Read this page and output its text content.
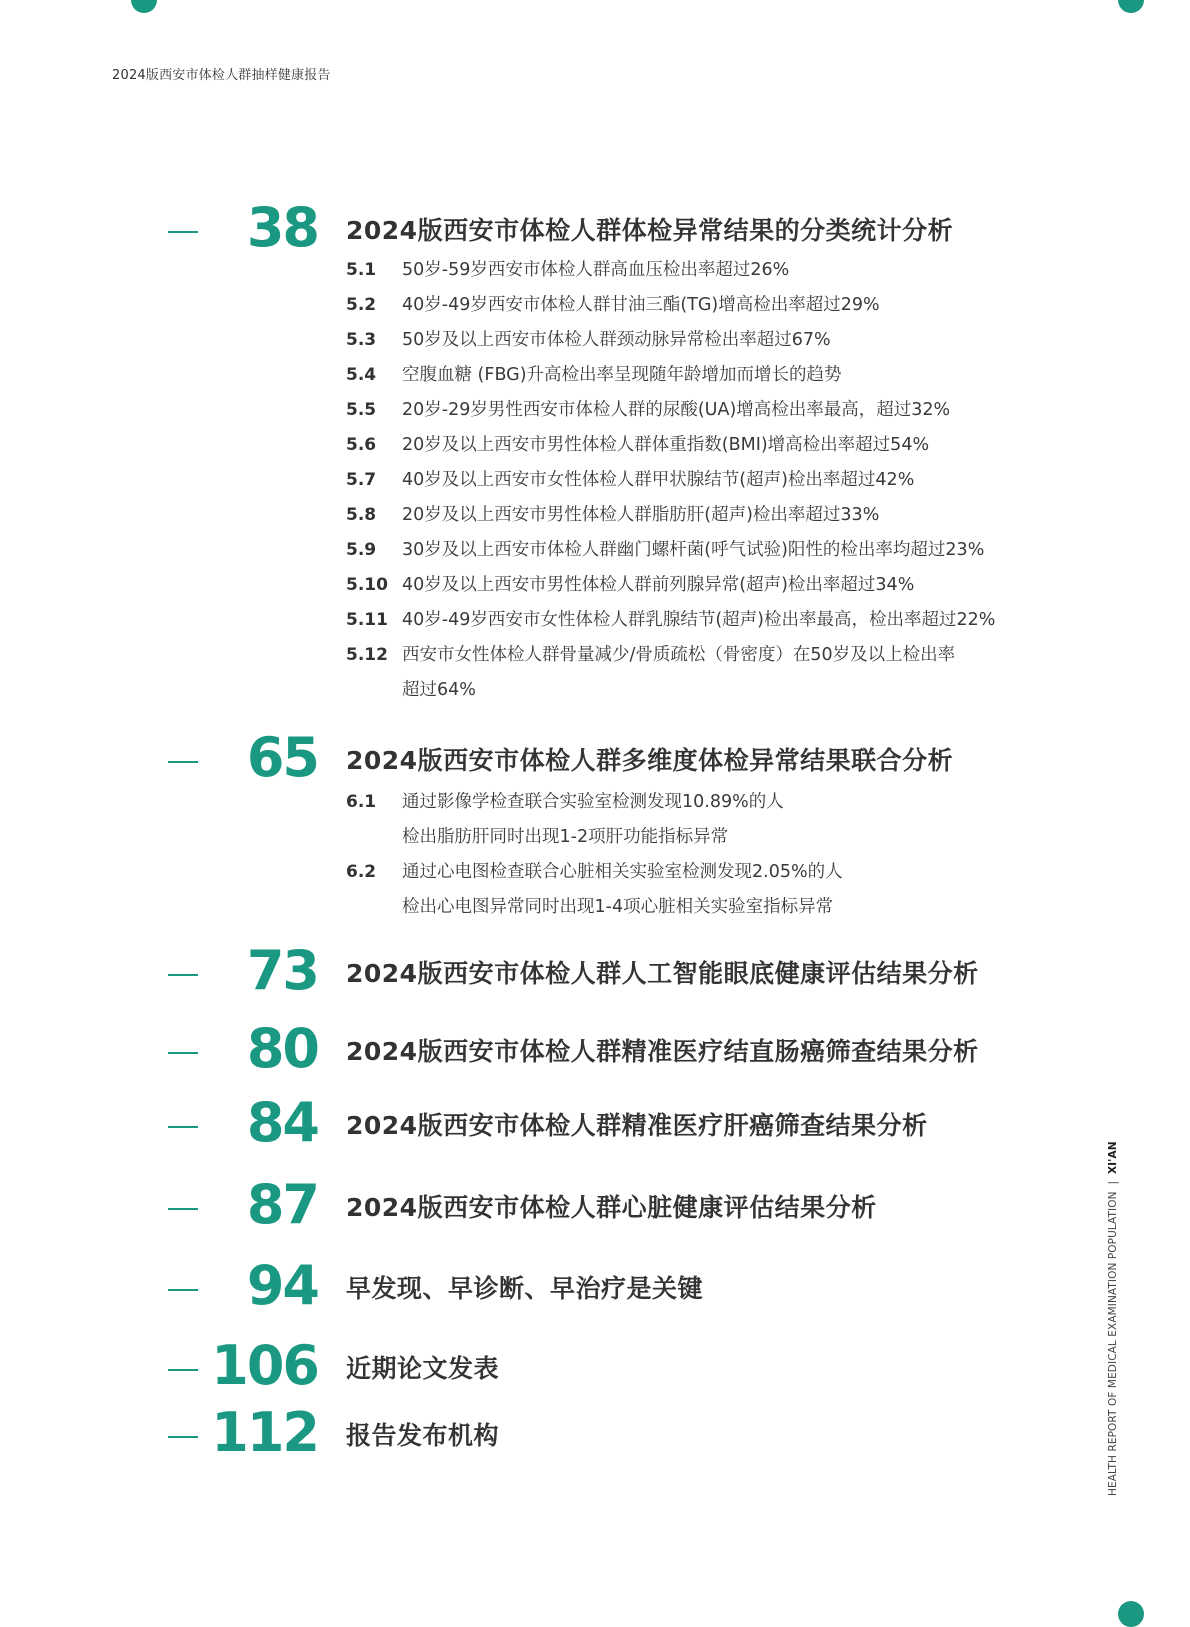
2024版西安市体检人群抽样健康报告
38 2024版西安市体检人群体检异常结果的分类统计分析
5.1 50岁-59岁西安市体检人群高血压检出率超过26%
5.2 40岁-49岁西安市体检人群甘油三酯(TG)增高检出率超过29%
5.3 50岁及以上西安市体检人群颈动脉异常检出率超过67%
5.4 空腹血糖 (FBG)升高检出率呈现随年龄增加而增长的趋势
5.5 20岁-29岁男性西安市体检人群的尿酸(UA)增高检出率最高，超过32%
5.6 20岁及以上西安市男性体检人群体重指数(BMI)增高检出率超过54%
5.7 40岁及以上西安市女性体检人群甲状腺结节(超声)检出率超过42%
5.8 20岁及以上西安市男性体检人群脂肪肝(超声)检出率超过33%
5.9 30岁及以上西安市体检人群幽门螺杆菌(呼气试验)阳性的检出率均超过23%
5.10 40岁及以上西安市男性体检人群前列腺异常(超声)检出率超过34%
5.11 40岁-49岁西安市女性体检人群乳腺结节(超声)检出率最高，检出率超过22%
5.12 西安市女性体检人群骨量减少/骨质疏松（骨密度）在50岁及以上检出率
超过64%
65 2024版西安市体检人群多维度体检异常结果联合分析
6.1 通过影像学检查联合实验室检测发现10.89%的人
检出脂肪肝同时出现1-2项肝功能指标异常
6.2 通过心电图检查联合心脏相关实验室检测发现2.05%的人
检出心电图异常同时出现1-4项心脏相关实验室指标异常
73 2024版西安市体检人群人工智能眼底健康评估结果分析
80 2024版西安市体检人群精准医疗结直肠癌筛查结果分析
84 2024版西安市体检人群精准医疗肝癌筛查结果分析
87 2024版西安市体检人群心脏健康评估结果分析
94 早发现、早诊断、早治疗是关键
106 近期论文发表
112 报告发布机构	HEALTH REPORT OF MEDICAL EXAMINATION POPULATION  |  XI'AN
